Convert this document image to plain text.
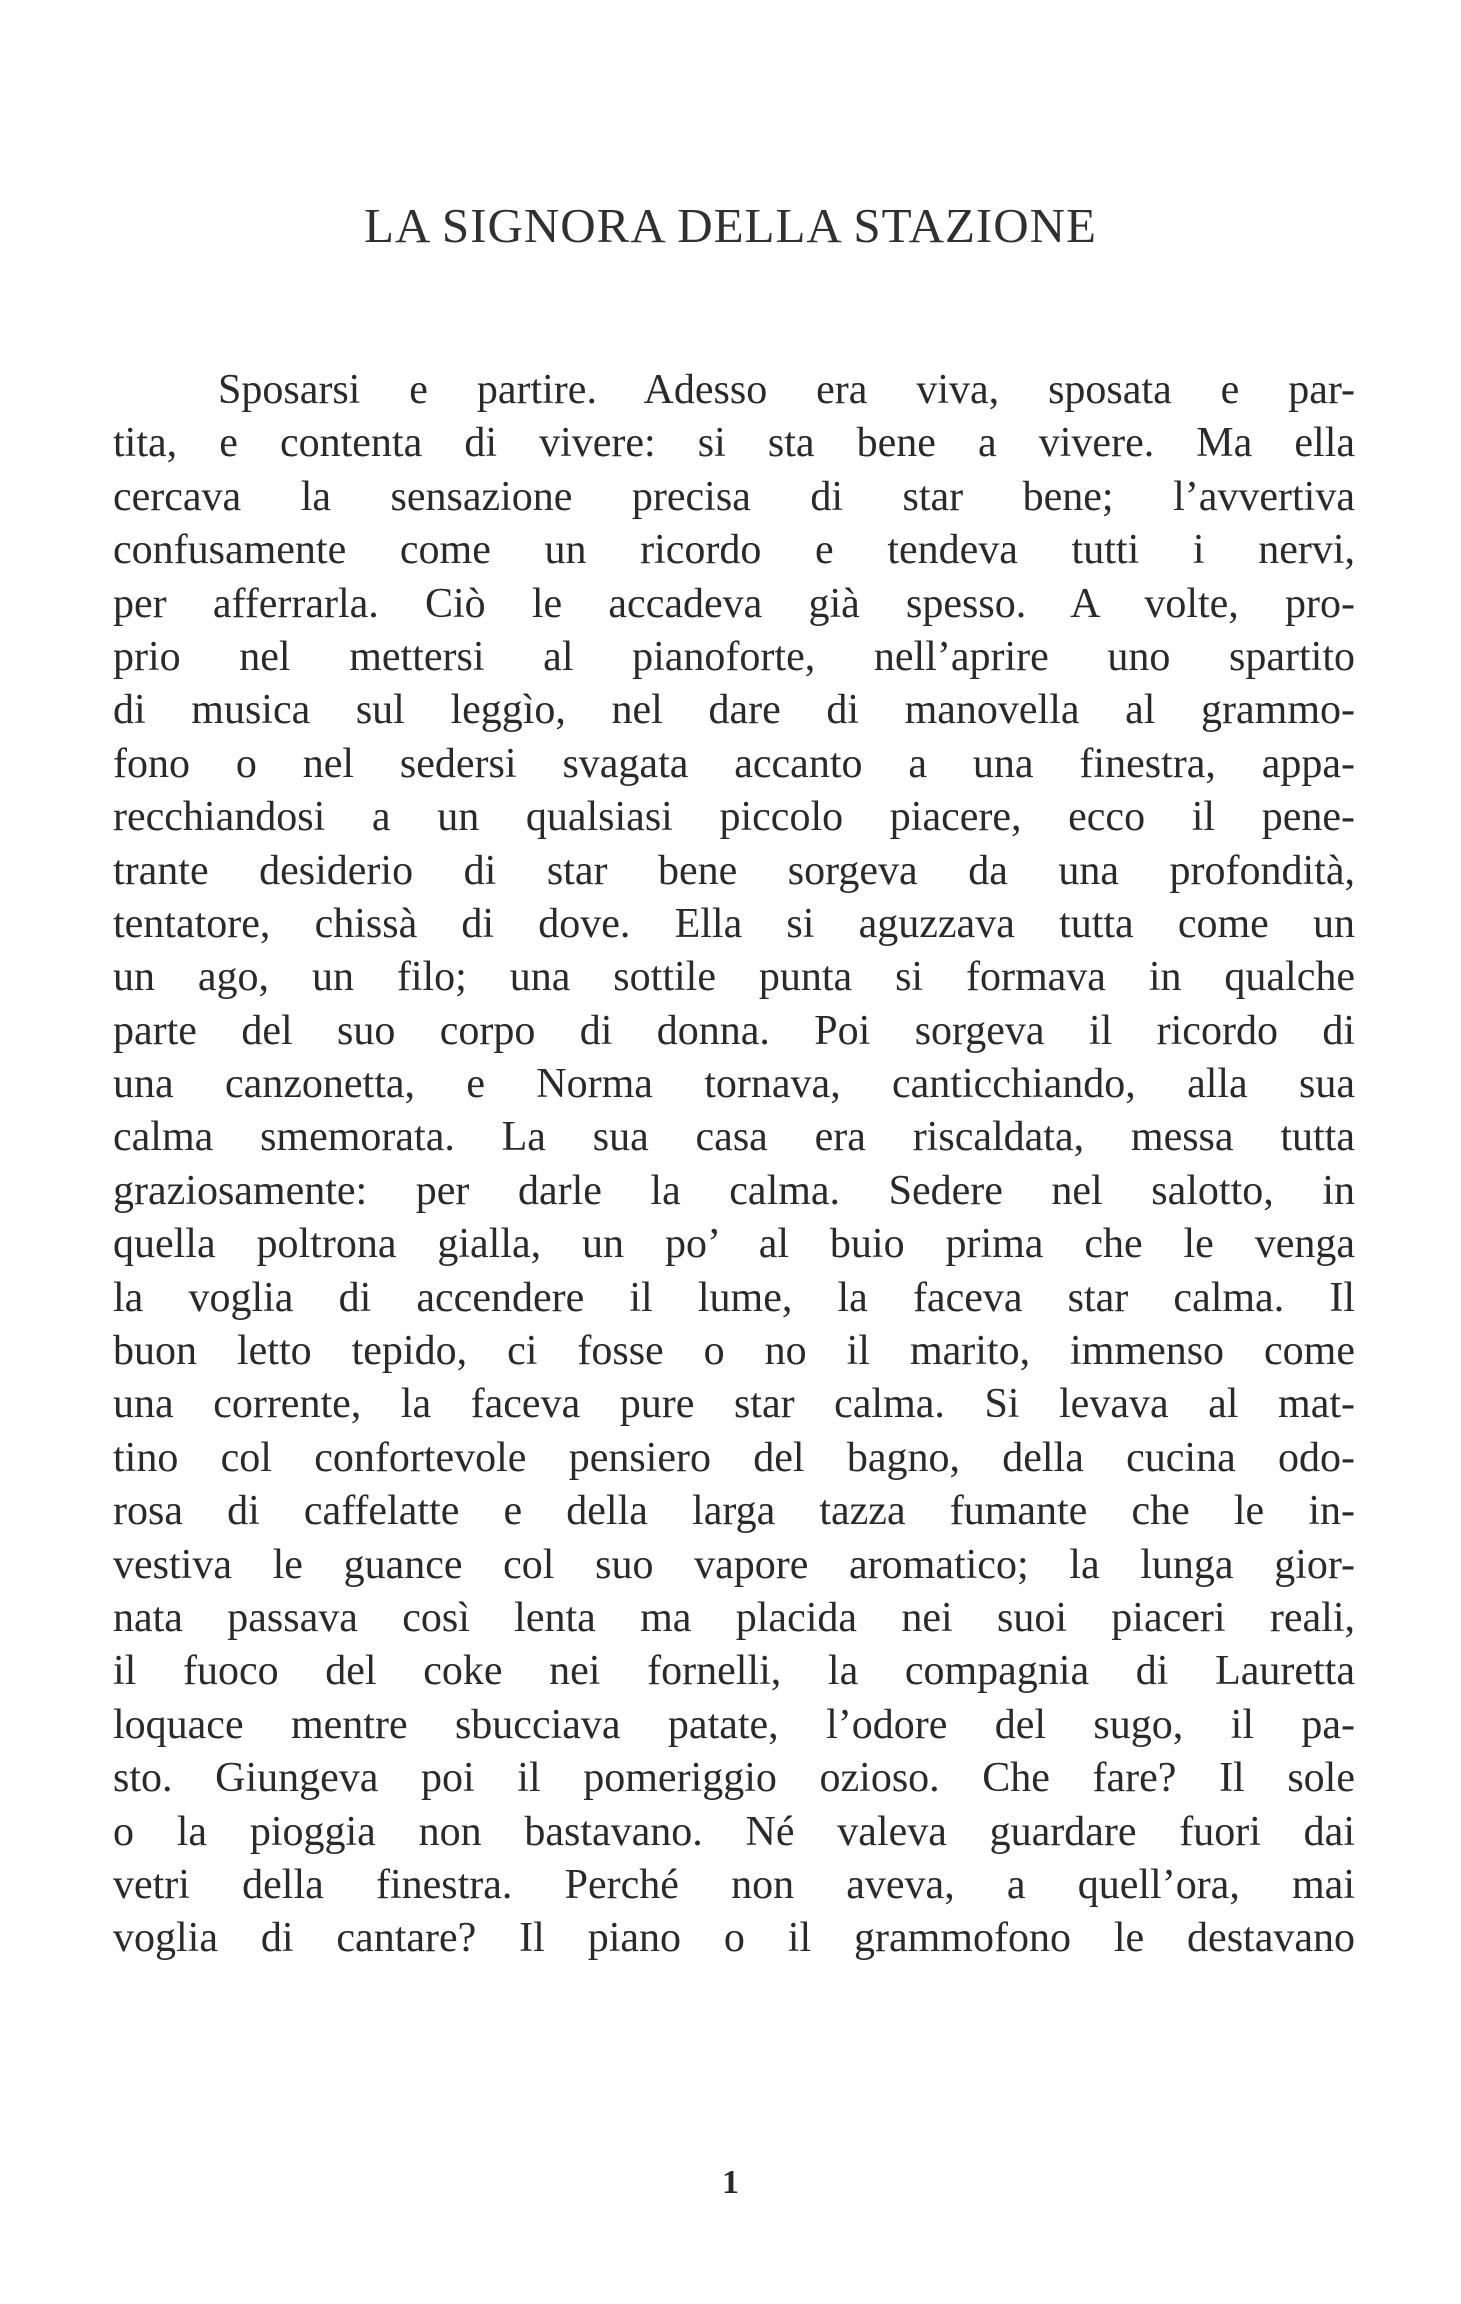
LA SIGNORA DELLA STAZIONE
Sposarsi e partire. Adesso era viva, sposata e par-
tita, e contenta di vivere: si sta bene a vivere. Ma ella
cercava la sensazione precisa di star bene; l’avvertiva
confusamente come un ricordo e tendeva tutti i nervi,
per afferrarla. Ciò le accadeva già spesso. A volte, pro-
prio nel mettersi al pianoforte, nell’aprire uno spartito
di musica sul leggìo, nel dare di manovella al grammo-
fono o nel sedersi svagata accanto a una finestra, appa-
recchiandosi a un qualsiasi piccolo piacere, ecco il pene-
trante desiderio di star bene sorgeva da una profondità,
tentatore, chissà di dove. Ella si aguzzava tutta come un
un ago, un filo; una sottile punta si formava in qualche
parte del suo corpo di donna. Poi sorgeva il ricordo di
una canzonetta, e Norma tornava, canticchiando, alla sua
calma smemorata. La sua casa era riscaldata, messa tutta
graziosamente: per darle la calma. Sedere nel salotto, in
quella poltrona gialla, un po’ al buio prima che le venga
la voglia di accendere il lume, la faceva star calma. Il
buon letto tepido, ci fosse o no il marito, immenso come
una corrente, la faceva pure star calma. Si levava al mat-
tino col confortevole pensiero del bagno, della cucina odo-
rosa di caffelatte e della larga tazza fumante che le in-
vestiva le guance col suo vapore aromatico; la lunga gior-
nata passava così lenta ma placida nei suoi piaceri reali,
il fuoco del coke nei fornelli, la compagnia di Lauretta
loquace mentre sbucciava patate, l’odore del sugo, il pa-
sto. Giungeva poi il pomeriggio ozioso. Che fare? Il sole
o la pioggia non bastavano. Né valeva guardare fuori dai
vetri della finestra. Perché non aveva, a quell’ora, mai
voglia di cantare? Il piano o il grammofono le destavano
1
